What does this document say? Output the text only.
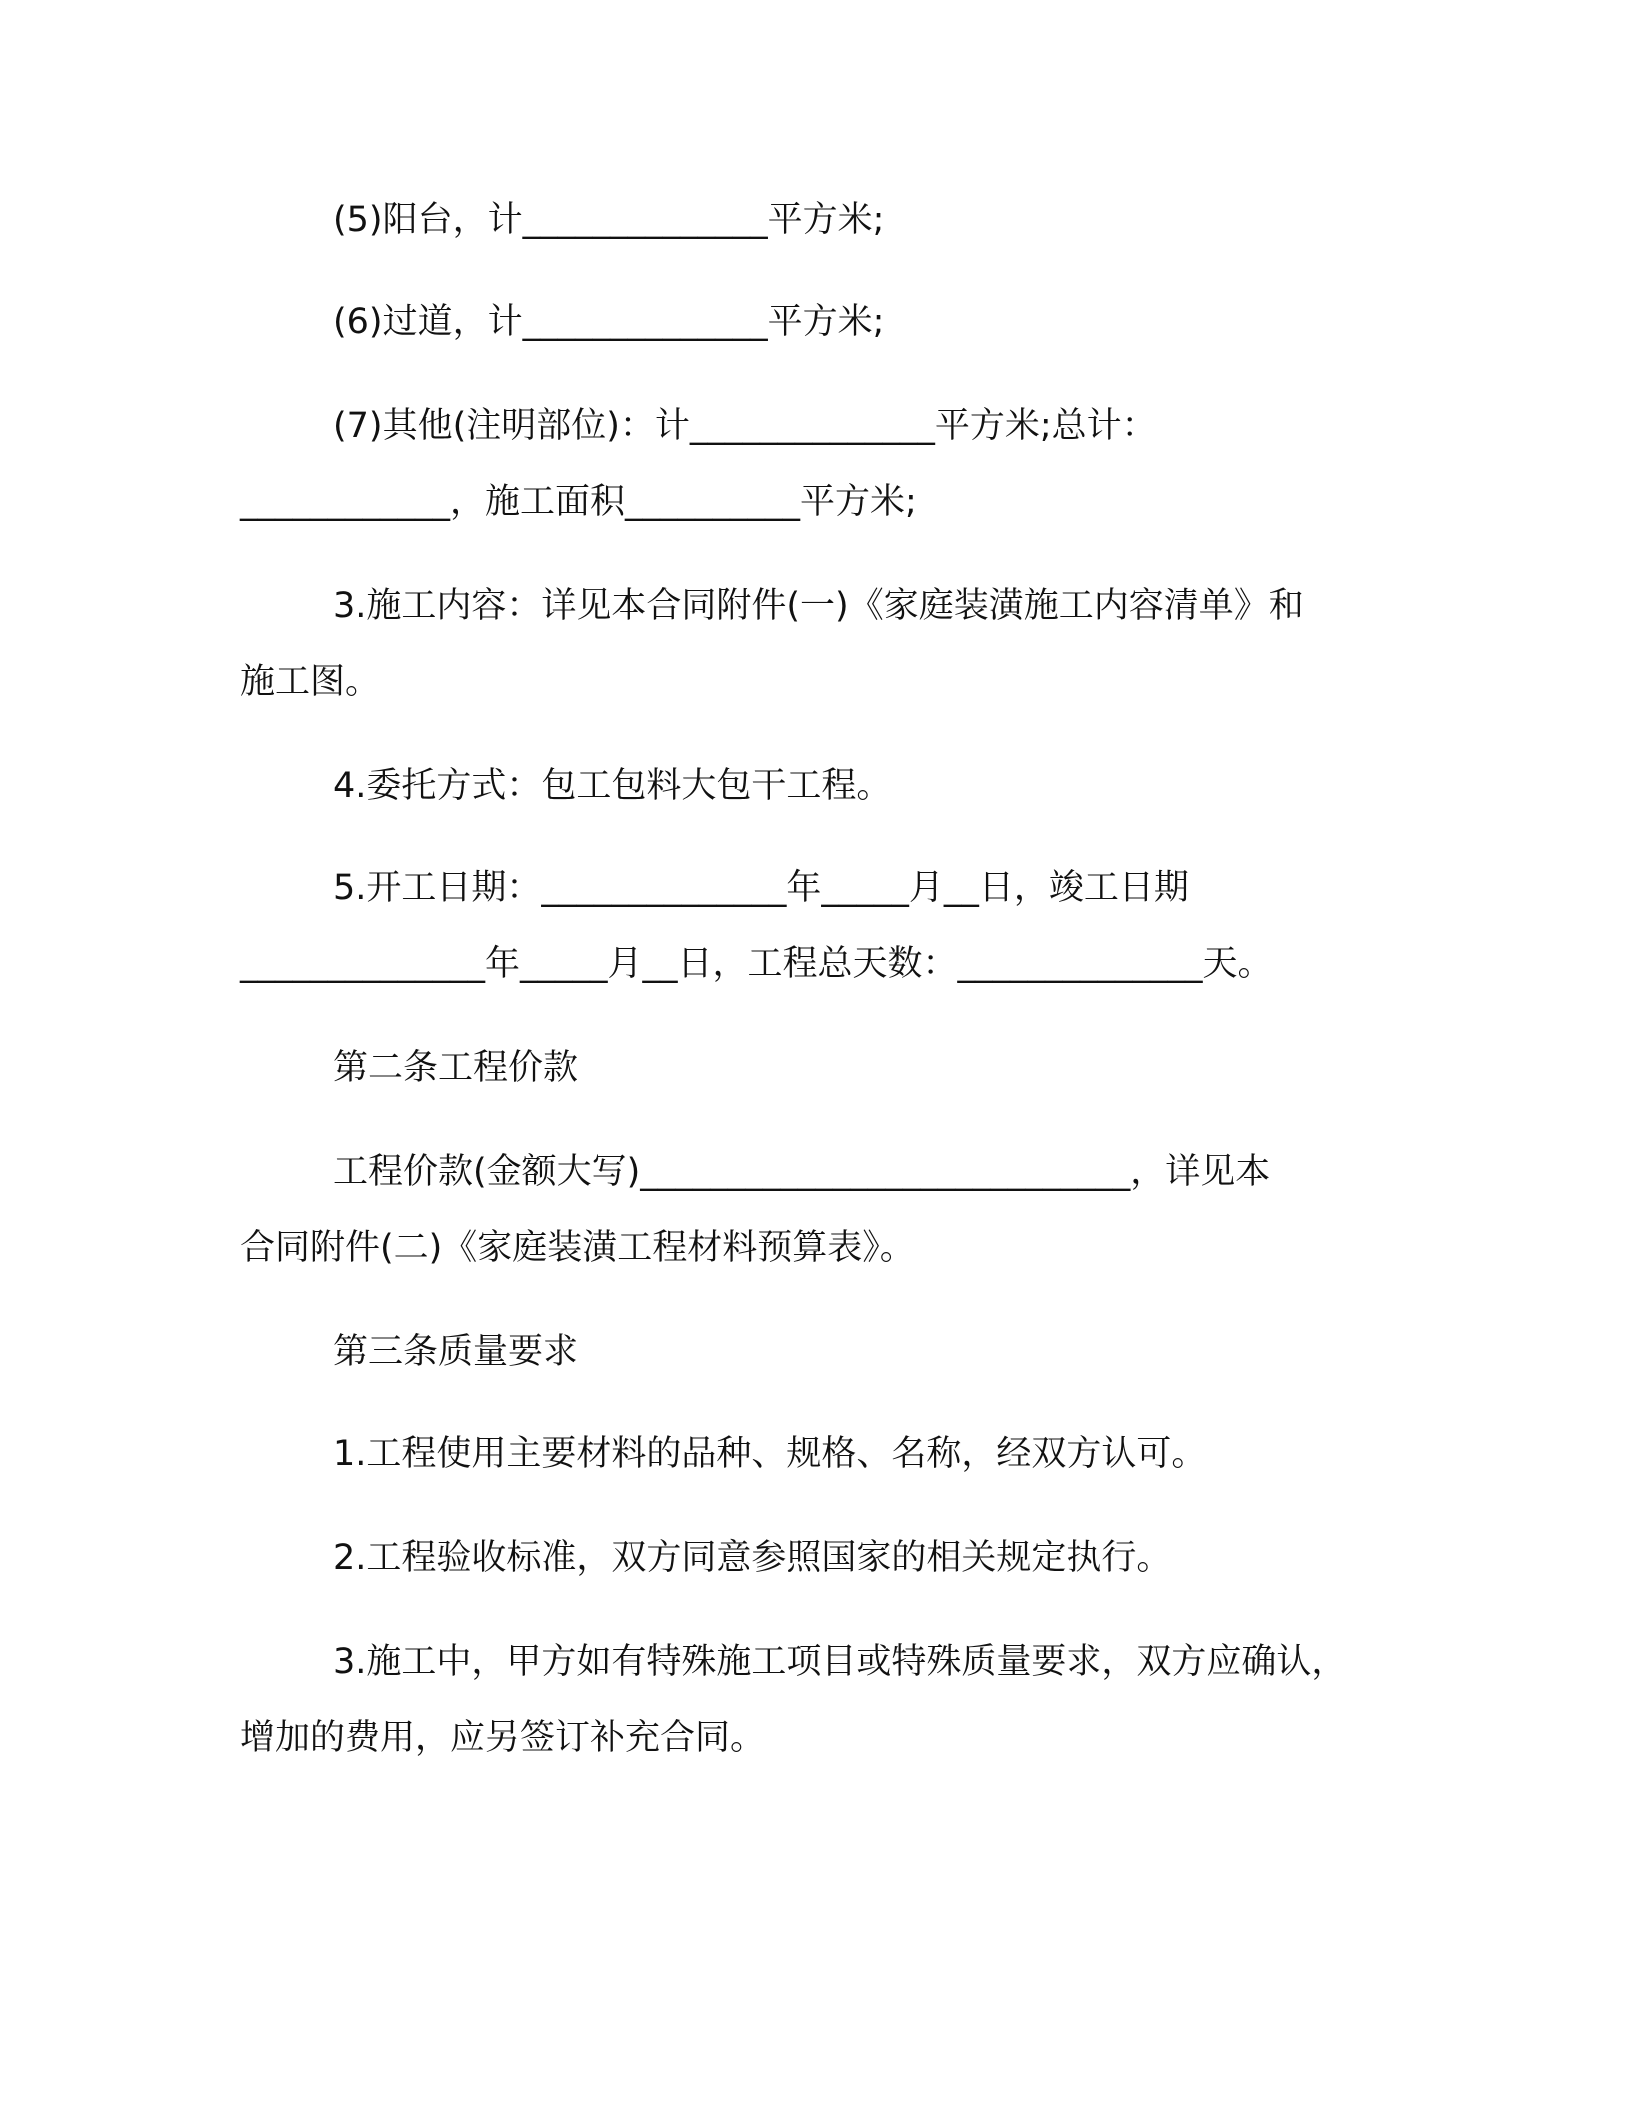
(5)阳台，计______________平方米;
(6)过道，计______________平方米;
(7)其他(注明部位)：计______________平方米;总计：
____________，施工面积__________平方米;
3.施工内容：详见本合同附件(一)《家庭装潢施工内容清单》和
施工图。
4.委托方式：包工包料大包干工程。
5.开工日期：______________年_____月__日，竣工日期
______________年_____月__日，工程总天数：______________天。
第二条工程价款
工程价款(金额大写)____________________________，详见本
合同附件(二)《家庭装潢工程材料预算表》。
第三条质量要求
1.工程使用主要材料的品种、规格、名称，经双方认可。
2.工程验收标准，双方同意参照国家的相关规定执行。
3.施工中，甲方如有特殊施工项目或特殊质量要求，双方应确认，
增加的费用，应另签订补充合同。
